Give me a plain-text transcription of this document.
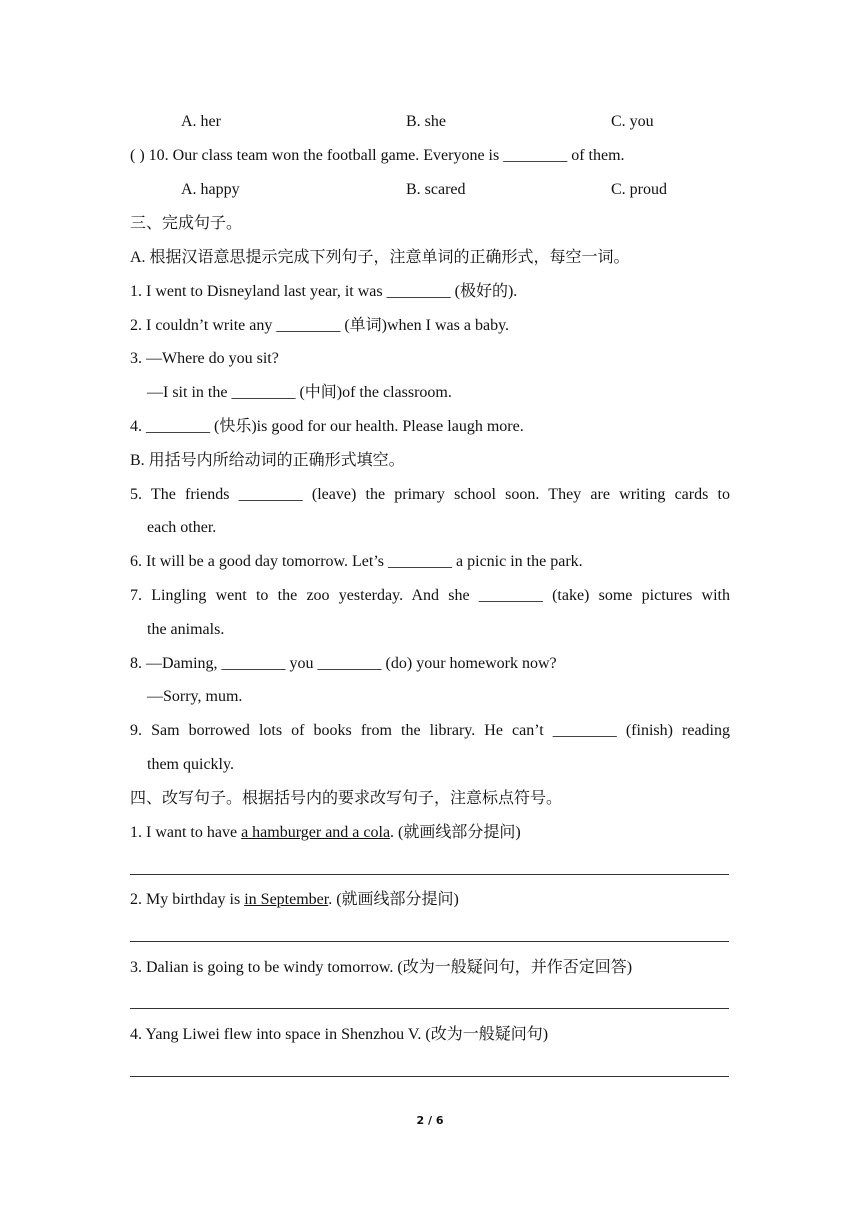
A. her	B. she	C. you
( ) 10. Our class team won the football game. Everyone is ________ of them.
A. happy	B. scared	C. proud
三、完成句子。
A. 根据汉语意思提示完成下列句子，注意单词的正确形式，每空一词。
1. I went to Disneyland last year, it was ________ (极好的).
2. I couldn’t write any ________ (单词)when I was a baby.
3. —Where do you sit?
—I sit in the ________ (中间)of the classroom.
4. ________ (快乐)is good for our health. Please laugh more.
B. 用括号内所给动词的正确形式填空。
5. The friends ________ (leave) the primary school soon. They are writing cards to
each other.
6. It will be a good day tomorrow. Let’s ________ a picnic in the park.
7. Lingling went to the zoo yesterday. And she ________ (take) some pictures with
the animals.
8. —Daming, ________ you ________ (do) your homework now?
—Sorry, mum.
9. Sam borrowed lots of books from the library. He can’t ________ (finish) reading
them quickly.
四、改写句子。根据括号内的要求改写句子，注意标点符号。
1. I want to have a hamburger and a cola. (就画线部分提问)
2. My birthday is in September. (就画线部分提问)
3. Dalian is going to be windy tomorrow. (改为一般疑问句，并作否定回答)
4. Yang Liwei flew into space in Shenzhou V. (改为一般疑问句)
2 / 6
